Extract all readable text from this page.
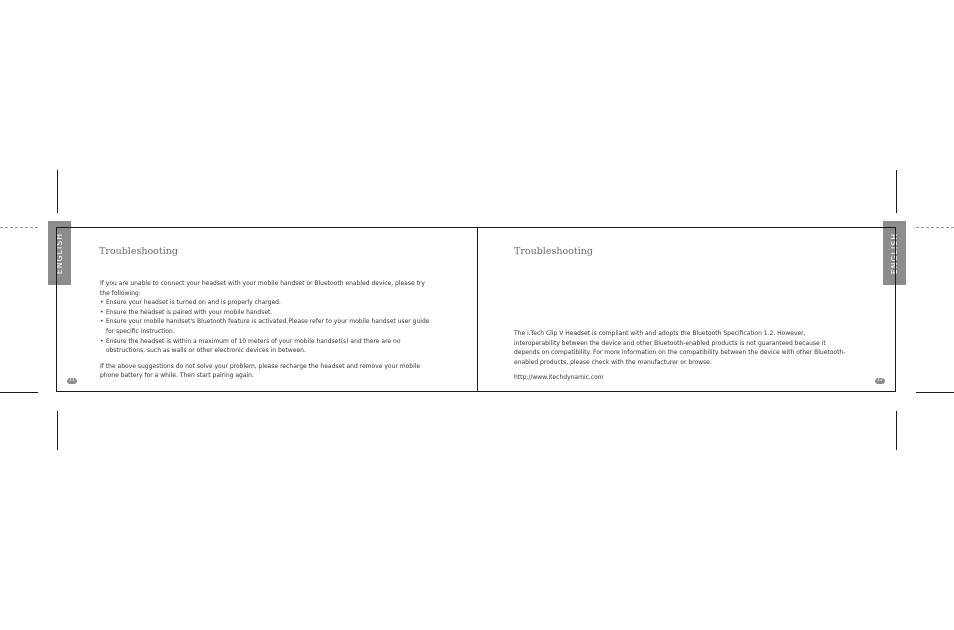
ENGLISH	ENGLISH
Troubleshooting

If you are unable to connect your headset with your mobile handset or Bluetooth enabled device, please try the following:

• Ensure your headset is turned on and is properly charged.
• Ensure the headset is paired with your mobile handset.
• Ensure your mobile handset's Bluetooth feature is activated.Please refer to your mobile handset user guide for specific instruction.
• Ensure the headset is within a maximum of 10 meters of your mobile handset(s) and there are no obstructions, such as walls or other electronic devices in between.

If the above suggestions do not solve your problem, please recharge the headset and remove your mobile phone battery for a while. Then start pairing again.

11
Troubleshooting

The i.Tech Clip V Headset is compliant with and adopts the Bluetooth Specification 1.2. However, interoperability between the device and other Bluetooth-enabled products is not guaranteed because it depends on compatibility. For more information on the compatibility between the device with other Bluetooth-enabled products, please check with the manufacturer or browse:

http://www.itechdynamic.com	12
